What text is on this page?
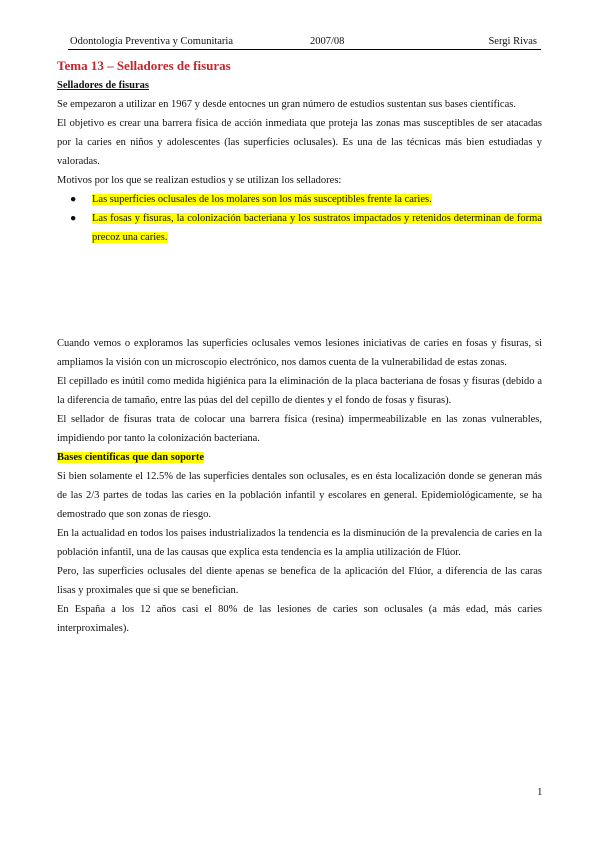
Odontología Preventiva y Comunitaria	2007/08	Sergi Rivas

Tema 13 – Selladores de fisuras

Selladores de fisuras

Se empezaron a utilizar en 1967 y desde entocnes un gran número de estudios sustentan sus bases científicas.

El objetivo es crear una barrera física de acción inmediata que proteja las zonas mas susceptibles de ser atacadas por la caries en niños y adolescentes (las superficies oclusales). Es una de las técnicas más bien estudiadas y valoradas.

Motivos por los que se realizan estudios y se utilizan los selladores:

● Las superficies oclusales de los molares son los más susceptibles frente la caries.
● Las fosas y fisuras, la colonización bacteriana y los sustratos impactados y retenidos determinan de forma precoz una caries.

Cuando vemos o exploramos las superficies oclusales vemos lesiones iniciativas de caries en fosas y fisuras, si ampliamos la visión con un microscopio electrónico, nos damos cuenta de la vulnerabilidad de estas zonas.

El cepillado es inútil como medida higiénica para la eliminación de la placa bacteriana de fosas y fisuras (debido a la diferencia de tamaño, entre las púas del del cepillo de dientes y el fondo de fosas y fisuras).

El sellador de fisuras trata de colocar una barrera física (resina) impermeabilizable en las zonas vulnerables, impidiendo por tanto la colonización bacteriana.

Bases científicas que dan soporte

Si bien solamente el 12.5% de las superficies dentales son oclusales, es en ésta localización donde se generan más de las 2/3 partes de todas las caries en la población infantil y escolares en general. Epidemiológicamente, se ha demostrado que son zonas de riesgo.

En la actualidad en todos los paises industrializados la tendencia es la disminución de la prevalencia de caries en la población infantil, una de las causas que explica esta tendencia es la amplia utilización de Flúor.

Pero, las superficies oclusales del diente apenas se benefica de la aplicación del Flúor, a diferencia de las caras lisas y proximales que si que se benefician.

En España a los 12 años casi el 80% de las lesiones de caries son oclusales (a más edad, más caries interproximales).

1
